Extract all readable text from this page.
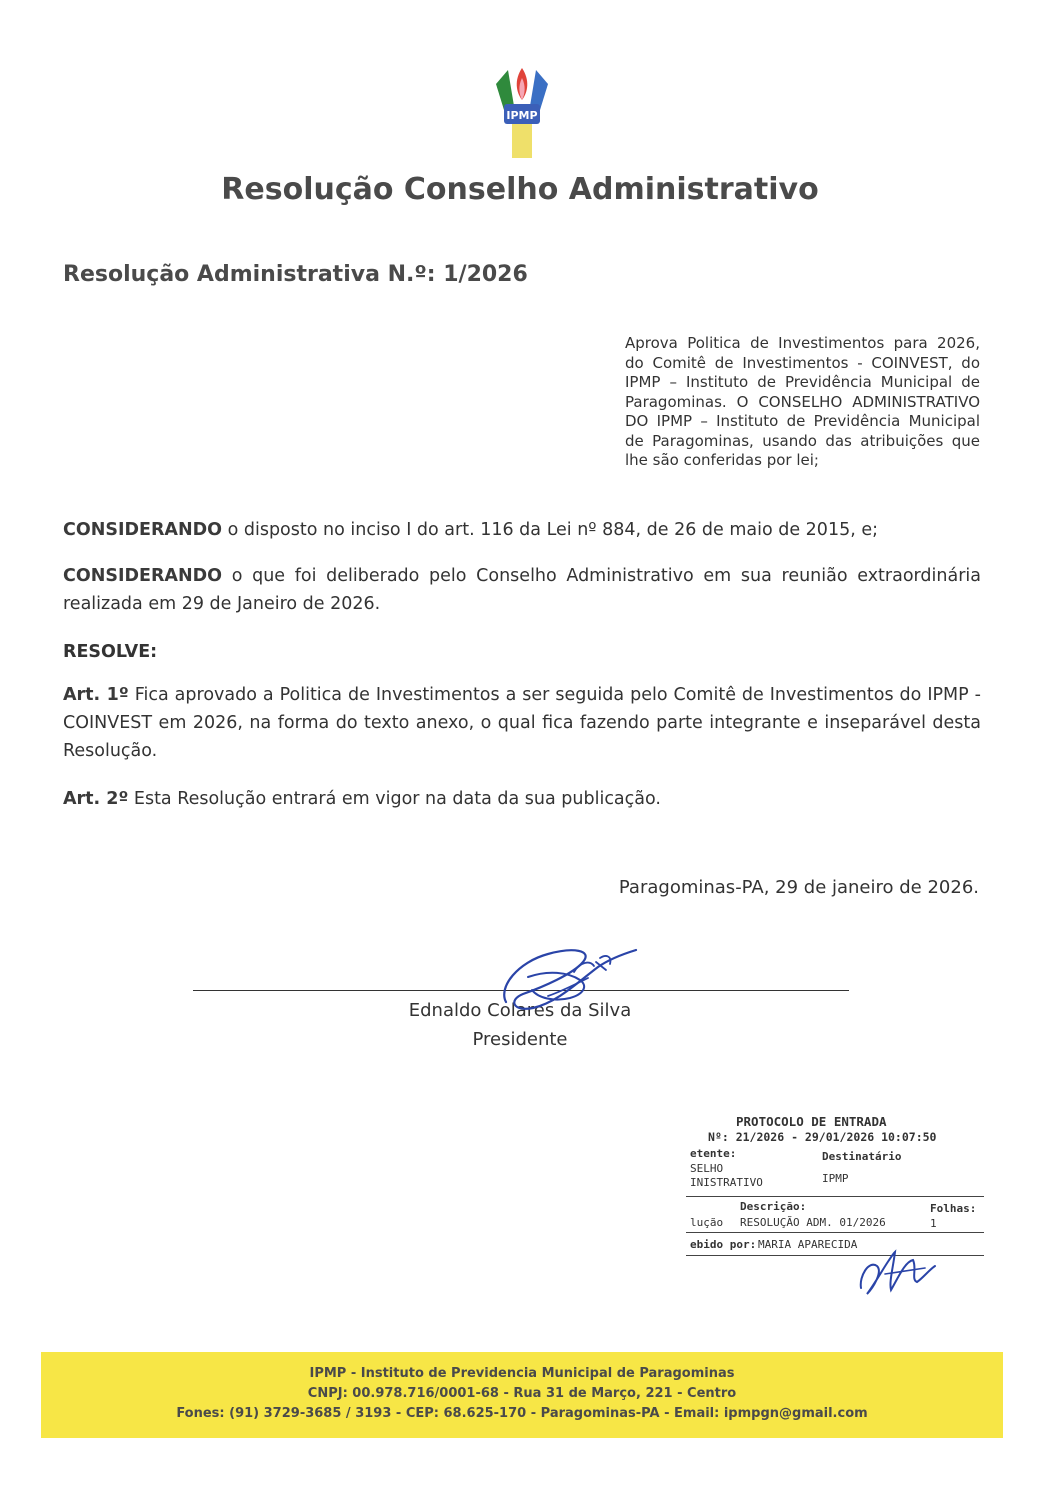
IPMP
Resolução Conselho Administrativo
Resolução Administrativa N.º: 1/2026

Aprova Politica de Investimentos para 2026, do Comitê de Investimentos - COINVEST, do IPMP – Instituto de Previdência Municipal de Paragominas. O CONSELHO ADMINISTRATIVO DO IPMP – Instituto de Previdência Municipal de Paragominas, usando das atribuições que lhe são conferidas por lei;

CONSIDERANDO o disposto no inciso I do art. 116 da Lei nº 884, de 26 de maio de 2015, e;

CONSIDERANDO o que foi deliberado pelo Conselho Administrativo em sua reunião extraordinária realizada em 29 de Janeiro de 2026.

RESOLVE:

Art. 1º Fica aprovado a Politica de Investimentos a ser seguida pelo Comitê de Investimentos do IPMP - COINVEST em 2026, na forma do texto anexo, o qual fica fazendo parte integrante e inseparável desta Resolução.

Art. 2º Esta Resolução entrará em vigor na data da sua publicação.

Paragominas-PA, 29 de janeiro de 2026.

Ednaldo Colares da Silva

Presidente

PROTOCOLO DE ENTRADA
Nº: 21/2026 - 29/01/2026 10:07:50
etente:
SELHO
INISTRATIVO
Destinatário
IPMP
Descrição:	Folhas:
lução RESOLUÇÃO ADM. 01/2026	1
ebido por: MARIA APARECIDA
IPMP - Instituto de Previdencia Municipal de Paragominas
CNPJ: 00.978.716/0001-68 - Rua 31 de Março, 221 - Centro
Fones: (91) 3729-3685 / 3193 - CEP: 68.625-170 - Paragominas-PA - Email: ipmpgn@gmail.com
